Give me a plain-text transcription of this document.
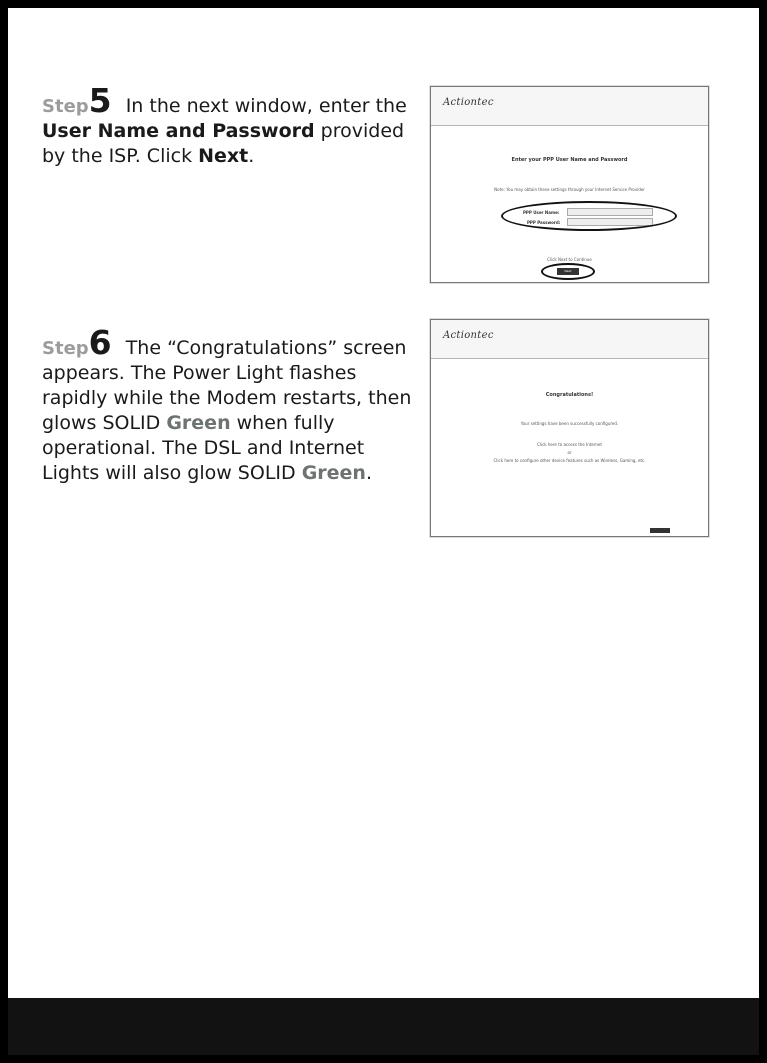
Step5 In the next window, enter the User Name and Password provided by the ISP. Click Next.
Step6 The “Congratulations” screen appears. The Power Light flashes rapidly while the Modem restarts, then glows SOLID Green when fully operational. The DSL and Internet Lights will also glow SOLID Green.
Actiontec
Enter your PPP User Name and Password
Note: You may obtain these settings through your Internet Service Provider
PPP User Name:
PPP Password:
Click Next to Continue
Next
Actiontec
Congratulations!
Your settings have been successfully configured.
Click here to access the Internet
or
Click here to configure other device features such as Wireless, Gaming, etc.
